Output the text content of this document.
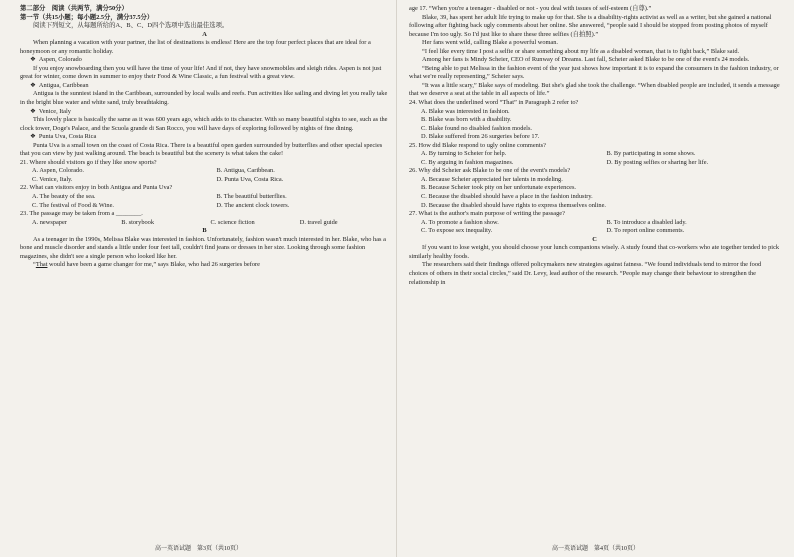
第二部分　阅读（共两节，满分50分）

第一节（共15小题；每小题2.5分，满分37.5分）

阅读下列短文，从每题所给的A、B、C、D四个选项中选出最佳选项。

A

When planning a vacation with your partner, the list of destinations is endless! Here are the top four perfect places that are ideal for a honeymoon or any romantic holiday.

❖ Aspen, Colorado

If you enjoy snowboarding then you will have the time of your life! And if not, they have snowmobiles and sleigh rides. Aspen is not just great for winter, come down in summer to enjoy their Food & Wine Classic, a fun festival with a great view.

❖ Antigua, Caribbean

Antigua is the sunniest island in the Caribbean, surrounded by local walls and reefs. Fun activities like sailing and diving let you really take in the bright blue water and white sand, truly breathtaking.

❖ Venice, Italy

This lovely place is basically the same as it was 600 years ago, which adds to its character. With so many beautiful sights to see, such as the clock tower, Doge's Palace, and the Scuola grande di San Rocco, you will have days of exploring followed by nights of fine dining.

❖ Punta Uva, Costa Rica

Punta Uva is a small town on the coast of Costa Rica. There is a beautiful open garden surrounded by butterflies and other special species that you can view by just walking around. The beach is beautiful but the scenery is what takes the cake!

21. Where should visitors go if they like snow sports?

A. Aspen, Colorado.	B. Antigua, Caribbean.
C. Venice, Italy.	D. Punta Uva, Costa Rica.

22. What can visitors enjoy in both Antigua and Punta Uva?

A. The beauty of the sea.	B. The beautiful butterflies.
C. The festival of Food & Wine.	D. The ancient clock towers.

23. The passage may be taken from a ________.

A. newspaper	B. storybook	C. science fiction	D. travel guide

B

As a teenager in the 1990s, Melissa Blake was interested in fashion. Unfortunately, fashion wasn't much interested in her. Blake, who has a bone and muscle disorder and stands a little under four feet tall, couldn't find jeans or dresses in her size. Looking through some fashion magazines, she didn't see a single person who looked like her.

“That would have been a game changer for me,” says Blake, who had 26 surgeries before

高一英语试题　第3页（共10页）

age 17. “When you're a teenager - disabled or not - you deal with issues of self-esteem (自尊).”

Blake, 39, has spent her adult life trying to make up for that. She is a disability-rights activist as well as a writer, but she gained a national following after fighting back ugly comments about her online. She answered, “people said I should be stopped from posting photos of myself because I'm too ugly. So I'd just like to share these three selfies (自拍照).”

Her fans went wild, calling Blake a powerful woman.

“I feel like every time I post a selfie or share something about my life as a disabled woman, that is to fight back,” Blake said.

Among her fans is Mindy Scheier, CEO of Runway of Dreams. Last fall, Scheier asked Blake to be one of the event's 24 models.

“Being able to put Melissa in the fashion event of the year just shows how important it is to expand the consumers in the fashion industry, or what we're really representing,” Scheier says.

“It was a little scary,” Blake says of modeling. But she's glad she took the challenge. “When disabled people are included, it sends a message that we deserve a seat at the table in all aspects of life.”

24. What does the underlined word “That” in Paragraph 2 refer to?

A. Blake was interested in fashion.

B. Blake was born with a disability.

C. Blake found no disabled fashion models.

D. Blake suffered from 26 surgeries before 17.

25. How did Blake respond to ugly online comments?

A. By turning to Scheier for help.	B. By participating in some shows.
C. By arguing in fashion magazines.	D. By posting selfies or sharing her life.

26. Why did Scheier ask Blake to be one of the event's models?

A. Because Scheier appreciated her talents in modeling.

B. Because Scheier took pity on her unfortunate experiences.

C. Because the disabled should have a place in the fashion industry.

D. Because the disabled should have rights to express themselves online.

27. What is the author's main purpose of writing the passage?

A. To promote a fashion show.	B. To introduce a disabled lady.
C. To expose sex inequality.	D. To report online comments.

C

If you want to lose weight, you should choose your lunch companions wisely. A study found that co-workers who ate together tended to pick similarly healthy foods.

The researchers said their findings offered policymakers new strategies against fatness. “We found individuals tend to mirror the food choices of others in their social circles,” said Dr. Levy, lead author of the research. “People may change their behaviour to strengthen the relationship in

高一英语试题　第4页（共10页）
